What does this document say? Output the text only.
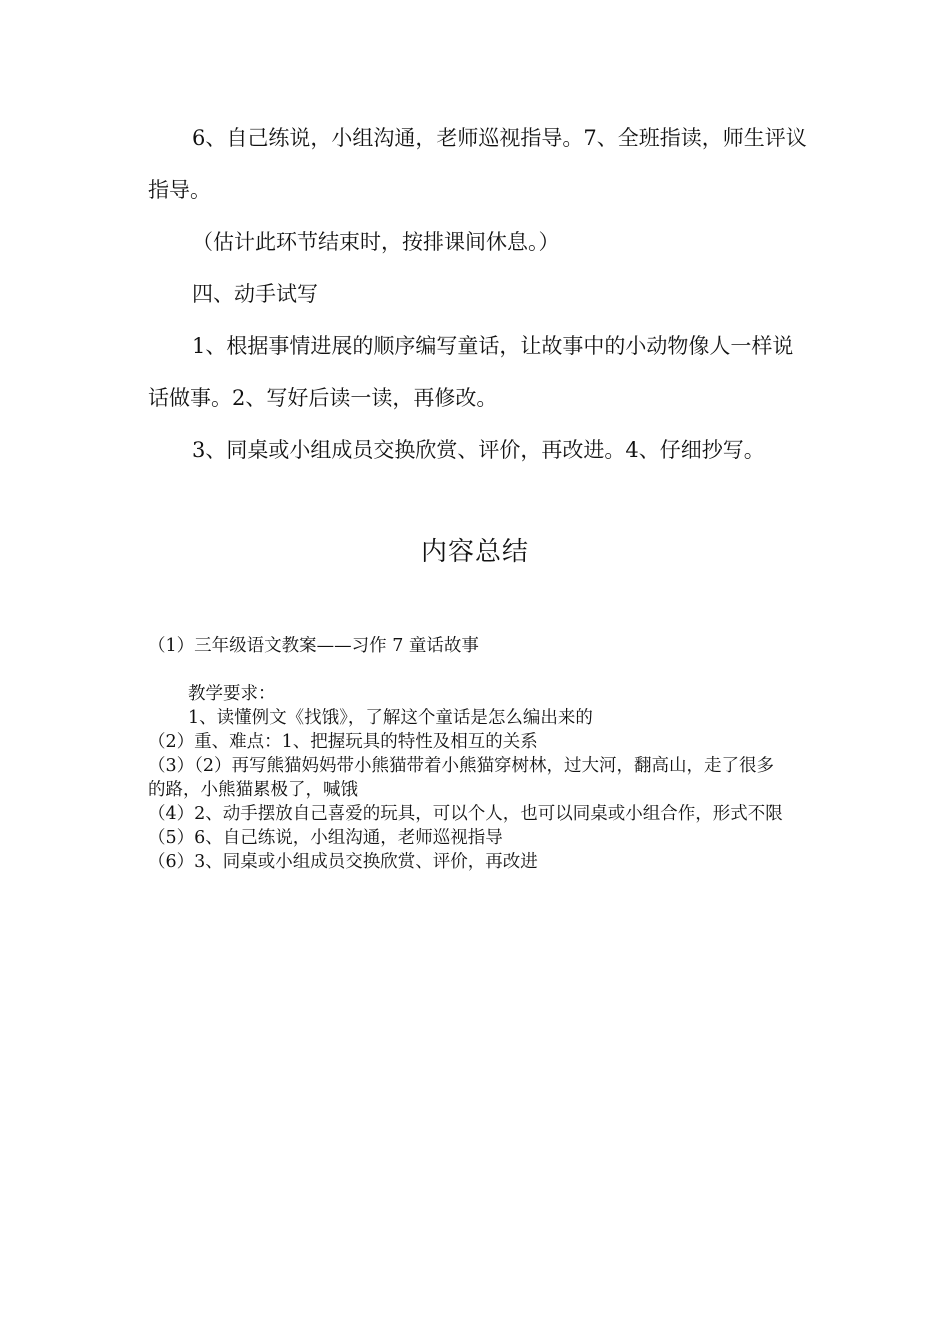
6、自己练说，小组沟通，老师巡视指导。7、全班指读，师生评议指导。

（估计此环节结束时，按排课间休息。）

四、动手试写

1、根据事情进展的顺序编写童话，让故事中的小动物像人一样说话做事。2、写好后读一读，再修改。

3、同桌或小组成员交换欣赏、评价，再改进。4、仔细抄写。

内容总结

（1）三年级语文教案——习作 7 童话故事

教学要求：

1、读懂例文《找饿》，了解这个童话是怎么编出来的

（2）重、难点：1、把握玩具的特性及相互的关系

（3）（2）再写熊猫妈妈带小熊猫带着小熊猫穿树林，过大河，翻高山，走了很多的路，小熊猫累极了，喊饿

（4）2、动手摆放自己喜爱的玩具，可以个人，也可以同桌或小组合作，形式不限

（5）6、自己练说，小组沟通，老师巡视指导

（6）3、同桌或小组成员交换欣赏、评价，再改进
